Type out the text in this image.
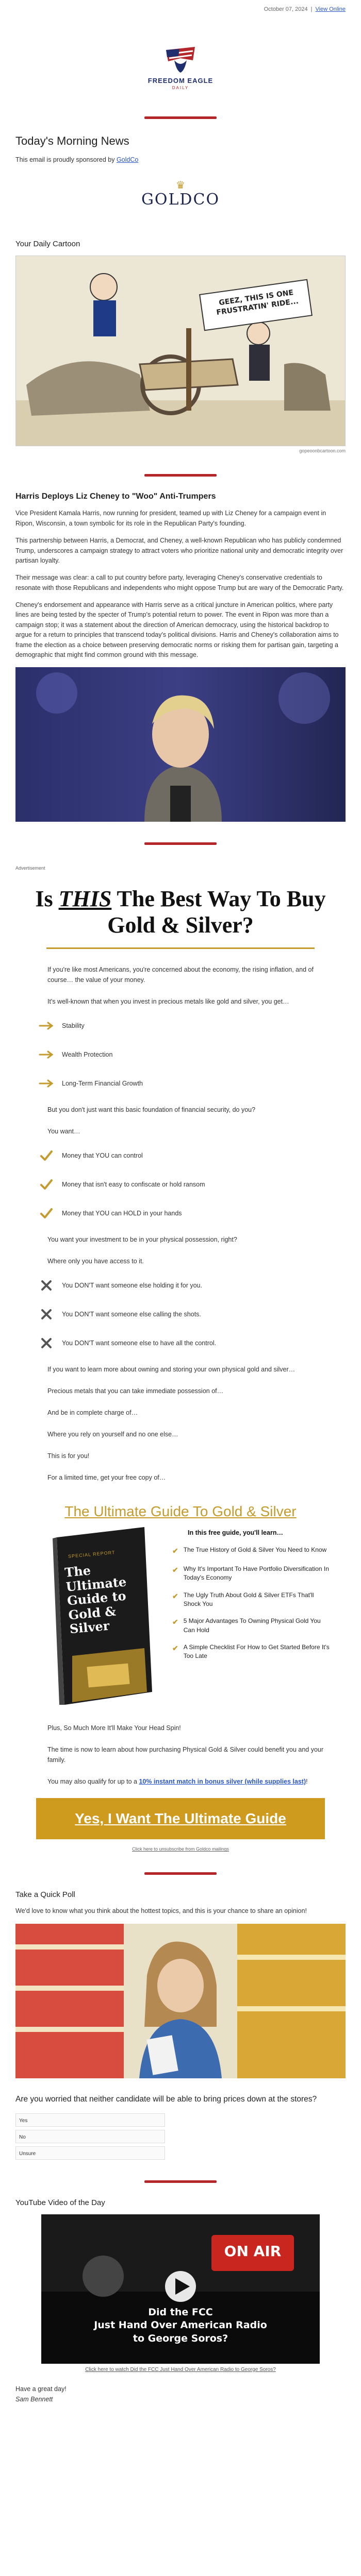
October 07, 2024 | View Online
FREEDOM EAGLE
DAILY
Today's Morning News

This email is proudly sponsored by GoldCo

♛
GOLDCO
Your Daily Cartoon
GEEZ, THIS IS ONE FRUSTRATIN' RIDE...
gopeoonbcartoon.com
Harris Deploys Liz Cheney to "Woo" Anti-Trumpers

Vice President Kamala Harris, now running for president, teamed up with Liz Cheney for a campaign event in Ripon, Wisconsin, a town symbolic for its role in the Republican Party's founding.

This partnership between Harris, a Democrat, and Cheney, a well-known Republican who has publicly condemned Trump, underscores a campaign strategy to attract voters who prioritize national unity and democratic integrity over partisan loyalty.

Their message was clear: a call to put country before party, leveraging Cheney's conservative credentials to resonate with those Republicans and independents who might oppose Trump but are wary of the Democratic Party.

Cheney's endorsement and appearance with Harris serve as a critical juncture in American politics, where party lines are being tested by the specter of Trump's potential return to power. The event in Ripon was more than a campaign stop; it was a statement about the direction of American democracy, using the historical backdrop to argue for a return to principles that transcend today's political divisions. Harris and Cheney's collaboration aims to frame the election as a choice between preserving democratic norms or risking them for partisan gain, targeting a demographic that might find common ground with this message.

Advertisement
Is THIS The Best Way To Buy Gold & Silver?

If you're like most Americans, you're concerned about the economy, the rising inflation, and of course… the value of your money.

It's well-known that when you invest in precious metals like gold and silver, you get…

Stability
Wealth Protection
Long-Term Financial Growth

But you don't just want this basic foundation of financial security, do you?

You want…

Money that YOU can control
Money that isn't easy to confiscate or hold ransom
Money that YOU can HOLD in your hands

You want your investment to be in your physical possession, right?

Where only you have access to it.

You DON'T want someone else holding it for you.
You DON'T want someone else calling the shots.
You DON'T want someone else to have all the control.

If you want to learn more about owning and storing your own physical gold and silver…

Precious metals that you can take immediate possession of…

And be in complete charge of…

Where you rely on yourself and no one else…

This is for you!

For a limited time, get your free copy of…

The Ultimate Guide To Gold & Silver
SPECIAL REPORT
The Ultimate Guide to Gold & Silver
In this free guide, you'll learn…
✔ The True History of Gold & Silver You Need to Know
✔ Why It's Important To Have Portfolio Diversification In Today's Economy
✔ The Ugly Truth About Gold & Silver ETFs That'll Shock You
✔ 5 Major Advantages To Owning Physical Gold You Can Hold
✔ A Simple Checklist For How to Get Started Before It's Too Late

Plus, So Much More It'll Make Your Head Spin!

The time is now to learn about how purchasing Physical Gold & Silver could benefit you and your family.

You may also qualify for up to a 10% instant match in bonus silver (while supplies last)!

Yes, I Want The Ultimate Guide
Click here to unsubscribe from Goldco mailings
Take a Quick Poll

We'd love to know what you think about the hottest topics, and this is your chance to share an opinion!

Are you worried that neither candidate will be able to bring prices down at the stores?

Yes
No
Unsure
YouTube Video of the Day
ON AIR
Did the FCC
Just Hand Over American Radio
to George Soros?
Click here to watch Did the FCC Just Hand Over American Radio to George Soros?
Have a great day!
Sam Bennett
